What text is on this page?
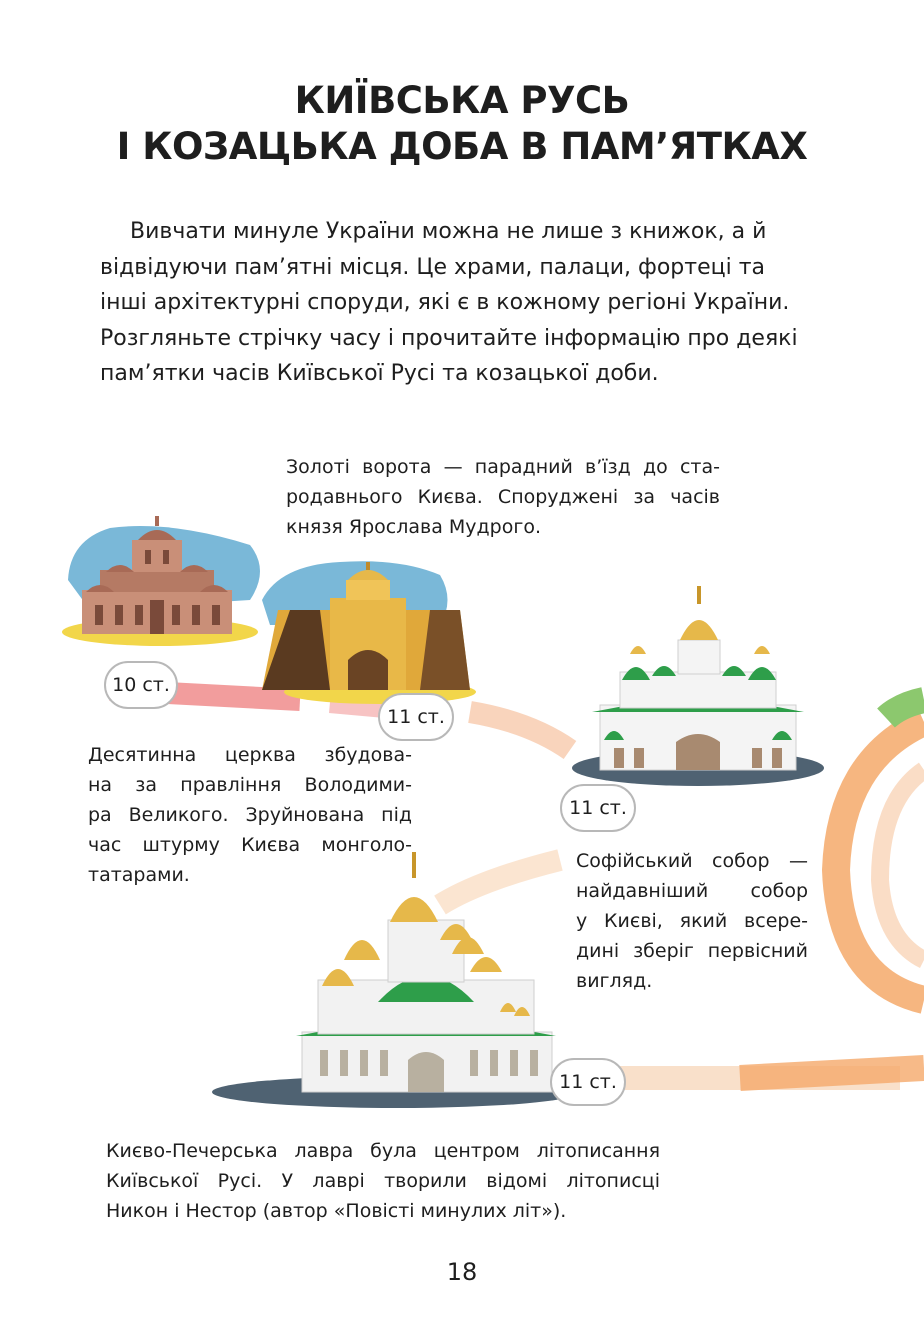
КИЇВСЬКА РУСЬ
І КОЗАЦЬКА ДОБА В ПАМ’ЯТКАХ
Вивчати минуле України можна не лише з книжок, а й
відвідуючи пам’ятні місця. Це храми, палаци, фортеці та
інші архітектурні споруди, які є в кожному регіоні України.
Розгляньте стрічку часу і прочитайте інформацію про деякі
пам’ятки часів Київської Русі та козацької доби.
Золоті ворота — парадний в’їзд до ста-
родавнього Києва. Споруджені за часів
князя Ярослава Мудрого.
Десятинна церква збудова-
на за правління Володими-
ра Великого. Зруйнована під
час штурму Києва монголо-
татарами.
Софійський собор —
найдавніший собор
у Києві, який всере-
дині зберіг первісний
вигляд.
Києво-Печерська лавра була центром літописання
Київської Русі. У лаврі творили відомі літописці
Никон і Нестор (автор «Повісті минулих літ»).
10 ст.
11 ст.
11 ст.
11 ст.
18
